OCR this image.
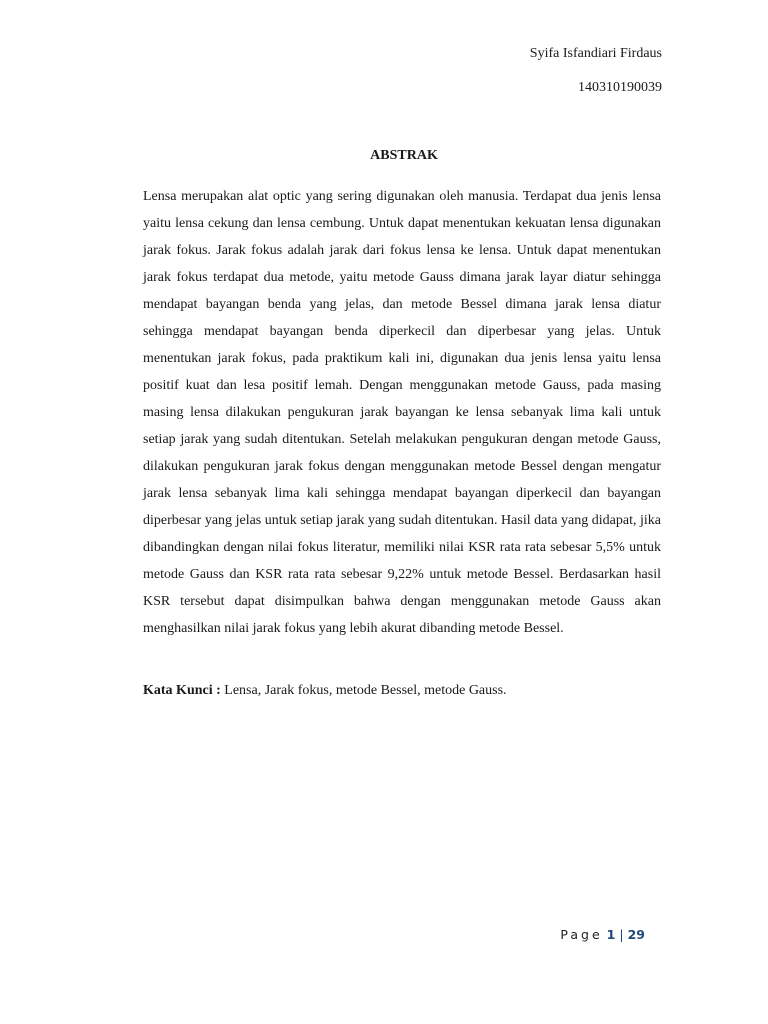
Syifa Isfandiari Firdaus
140310190039
ABSTRAK

Lensa merupakan alat optic yang sering digunakan oleh manusia. Terdapat dua jenis lensa yaitu lensa cekung dan lensa cembung. Untuk dapat menentukan kekuatan lensa digunakan jarak fokus. Jarak fokus adalah jarak dari fokus lensa ke lensa. Untuk dapat menentukan jarak fokus terdapat dua metode, yaitu metode Gauss dimana jarak layar diatur sehingga mendapat bayangan benda yang jelas, dan metode Bessel dimana jarak lensa diatur sehingga mendapat bayangan benda diperkecil dan diperbesar yang jelas. Untuk menentukan jarak fokus, pada praktikum kali ini, digunakan dua jenis lensa yaitu lensa positif kuat dan lesa positif lemah. Dengan menggunakan metode Gauss, pada masing masing lensa dilakukan pengukuran jarak bayangan ke lensa sebanyak lima kali untuk setiap jarak yang sudah ditentukan. Setelah melakukan pengukuran dengan metode Gauss, dilakukan pengukuran jarak fokus dengan menggunakan metode Bessel dengan mengatur jarak lensa sebanyak lima kali sehingga mendapat bayangan diperkecil dan bayangan diperbesar yang jelas untuk setiap jarak yang sudah ditentukan. Hasil data yang didapat, jika dibandingkan dengan nilai fokus literatur, memiliki nilai KSR rata rata sebesar 5,5% untuk metode Gauss dan KSR rata rata sebesar 9,22% untuk metode Bessel. Berdasarkan hasil KSR tersebut dapat disimpulkan bahwa dengan menggunakan metode Gauss akan menghasilkan nilai jarak fokus yang lebih akurat dibanding metode Bessel.

Kata Kunci : Lensa, Jarak fokus, metode Bessel, metode Gauss.

Page 1 | 29
